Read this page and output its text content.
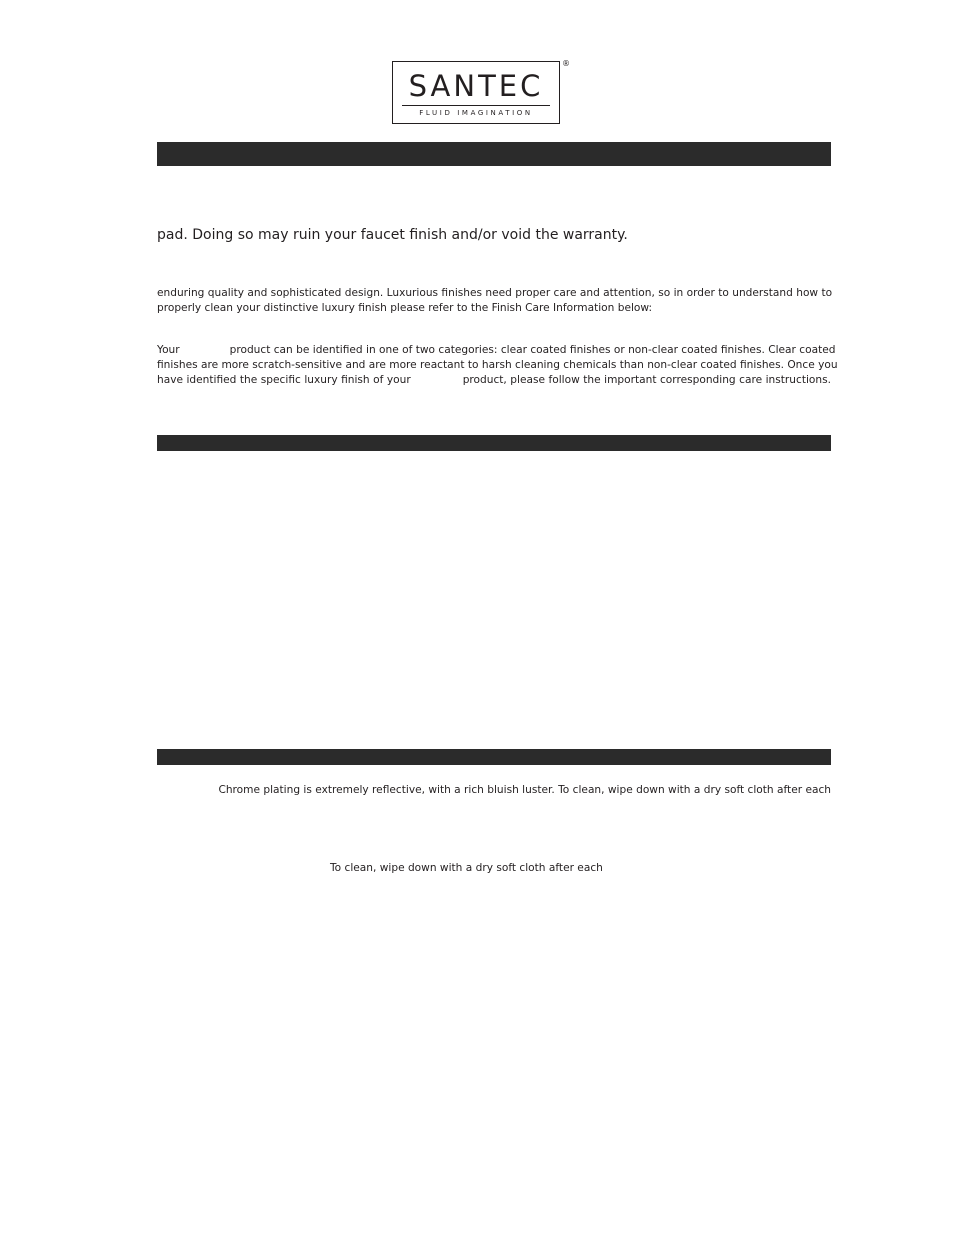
SANTEC
FLUID IMAGINATION
®
pad. Doing so may ruin your faucet finish and/or void the warranty.
enduring quality and sophisticated design. Luxurious finishes need proper care and attention, so in order to understand how to
properly clean your distinctive luxury finish please refer to the Finish Care Information below:
Your	product can be identified in one of two categories: clear coated finishes or non-clear coated finishes. Clear coated
finishes are more scratch-sensitive and are more reactant to harsh cleaning chemicals than non-clear coated finishes. Once you
have identified the specific luxury finish of your	product, please follow the important corresponding care instructions.
Chrome plating is extremely reflective, with a rich bluish luster. To clean, wipe down with a dry soft cloth after each
To clean, wipe down with a dry soft cloth after each
